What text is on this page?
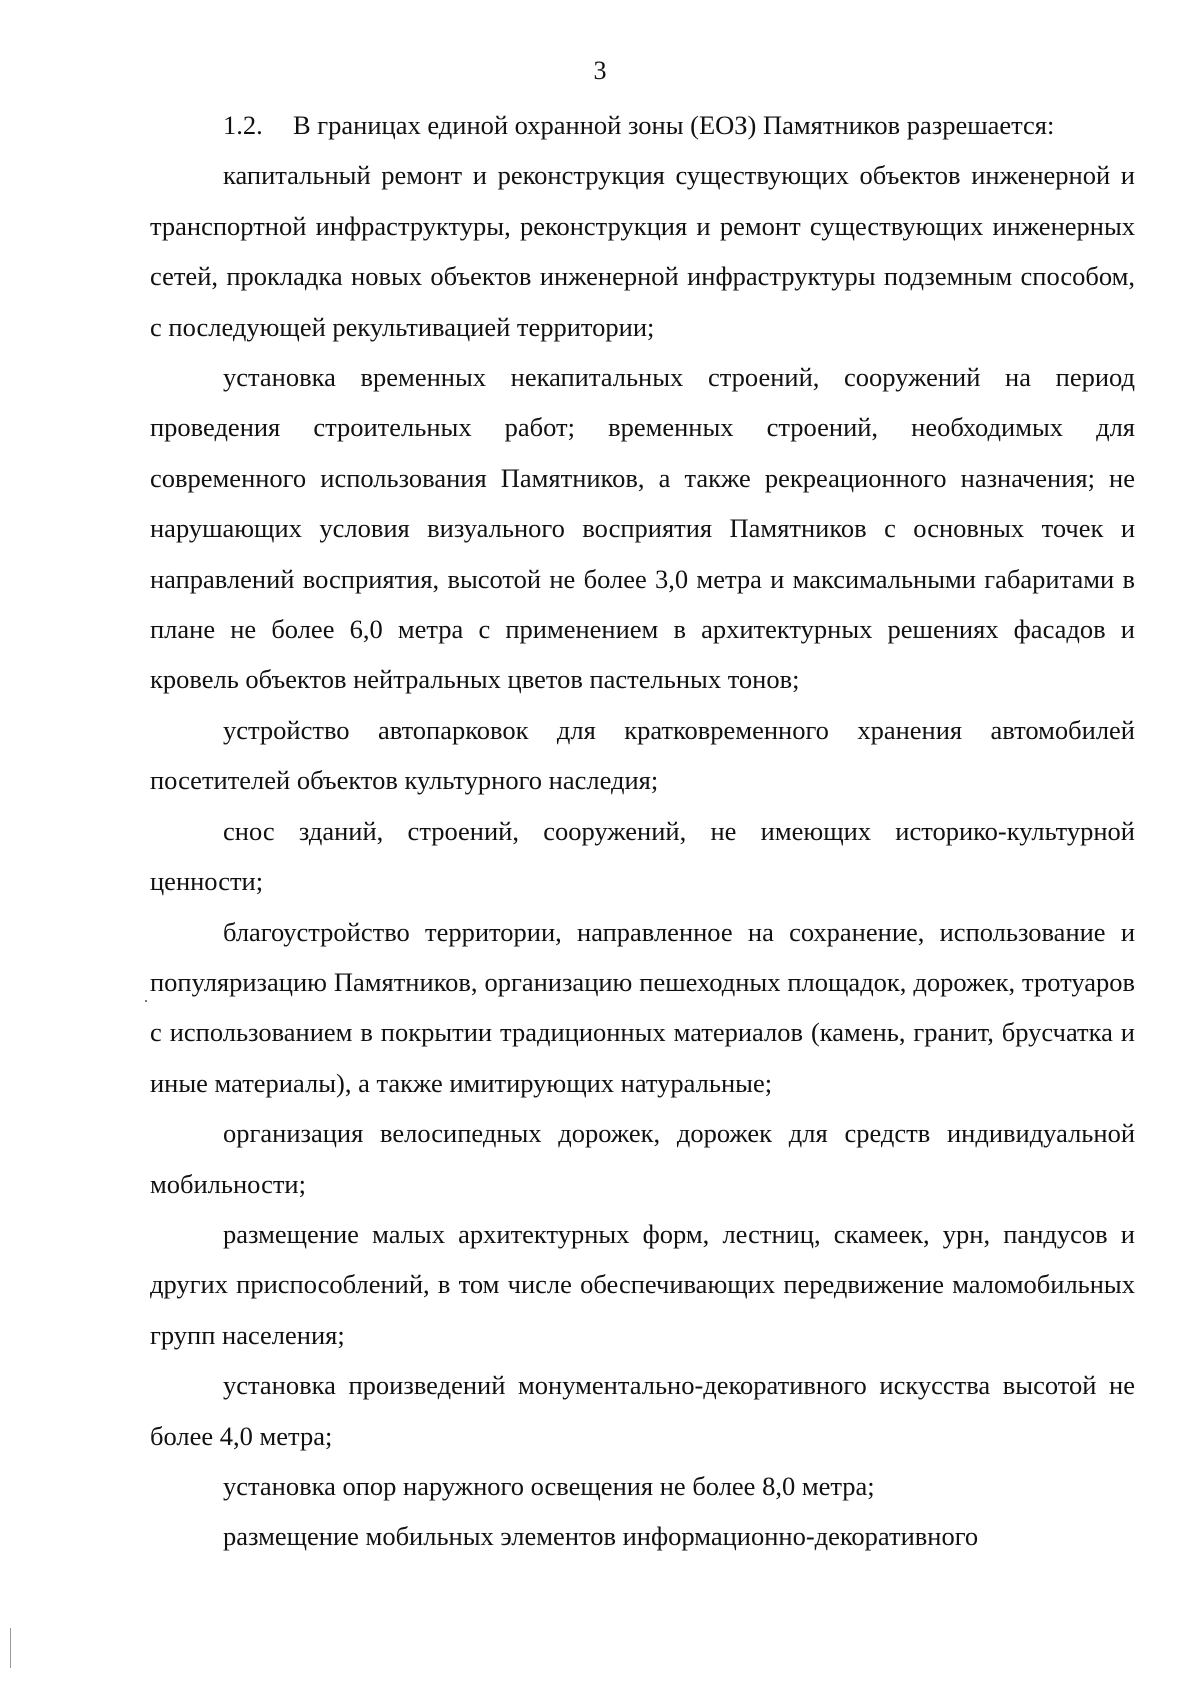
3

1.2. В границах единой охранной зоны (ЕОЗ) Памятников разрешается:

капитальный ремонт и реконструкция существующих объектов инженерной и транспортной инфраструктуры, реконструкция и ремонт существующих инженерных сетей, прокладка новых объектов инженерной инфраструктуры подземным способом, с последующей рекультивацией территории;

установка временных некапитальных строений, сооружений на период проведения строительных работ; временных строений, необходимых для современного использования Памятников, а также рекреационного назначения; не нарушающих условия визуального восприятия Памятников с основных точек и направлений восприятия, высотой не более 3,0 метра и максимальными габаритами в плане не более 6,0 метра с применением в архитектурных решениях фасадов и кровель объектов нейтральных цветов пастельных тонов;

устройство автопарковок для кратковременного хранения автомобилей посетителей объектов культурного наследия;

снос зданий, строений, сооружений, не имеющих историко-культурной ценности;

благоустройство территории, направленное на сохранение, использование и популяризацию Памятников, организацию пешеходных площадок, дорожек, тротуаров с использованием в покрытии традиционных материалов (камень, гранит, брусчатка и иные материалы), а также имитирующих натуральные;

организация велосипедных дорожек, дорожек для средств индивидуальной мобильности;

размещение малых архитектурных форм, лестниц, скамеек, урн, пандусов и других приспособлений, в том числе обеспечивающих передвижение маломобильных групп населения;

установка произведений монументально-декоративного искусства высотой не более 4,0 метра;

установка опор наружного освещения не более 8,0 метра;

размещение мобильных элементов информационно-декоративного
